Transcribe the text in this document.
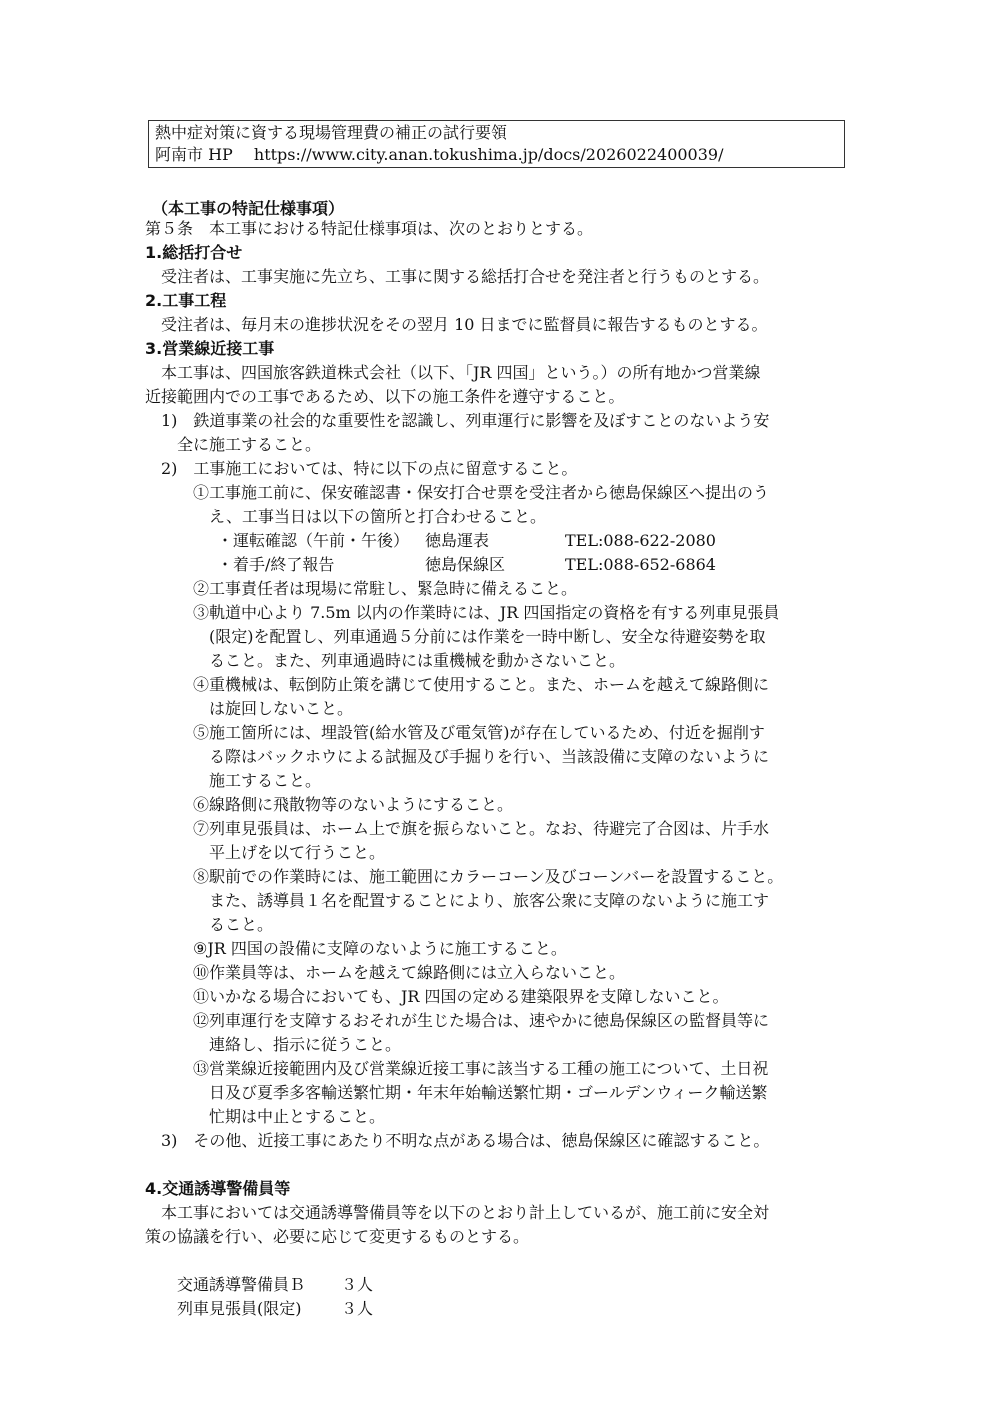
熱中症対策に資する現場管理費の補正の試行要領
阿南市 HP　 https://www.city.anan.tokushima.jp/docs/2026022400039/
（本工事の特記仕様事項）
第５条　本工事における特記仕様事項は、次のとおりとする。
1.総括打合せ
受注者は、工事実施に先立ち、工事に関する総括打合せを発注者と行うものとする。
2.工事工程
受注者は、毎月末の進捗状況をその翌月 10 日までに監督員に報告するものとする。
3.営業線近接工事
本工事は、四国旅客鉄道株式会社（以下、「JR 四国」という。）の所有地かつ営業線
近接範囲内での工事であるため、以下の施工条件を遵守すること。
1)　鉄道事業の社会的な重要性を認識し、列車運行に影響を及ぼすことのないよう安
全に施工すること。
2)　工事施工においては、特に以下の点に留意すること。
①工事施工前に、保安確認書・保安打合せ票を受注者から徳島保線区へ提出のう
え、工事当日は以下の箇所と打合わせること。
・運転確認（午前・午後） 徳島運表	TEL:088-622-2080
・着手/終了報告	徳島保線区	TEL:088-652-6864
②工事責任者は現場に常駐し、緊急時に備えること。
③軌道中心より 7.5m 以内の作業時には、JR 四国指定の資格を有する列車見張員
(限定)を配置し、列車通過５分前には作業を一時中断し、安全な待避姿勢を取
ること。また、列車通過時には重機械を動かさないこと。
④重機械は、転倒防止策を講じて使用すること。また、ホームを越えて線路側に
は旋回しないこと。
⑤施工箇所には、埋設管(給水管及び電気管)が存在しているため、付近を掘削す
る際はバックホウによる試掘及び手掘りを行い、当該設備に支障のないように
施工すること。
⑥線路側に飛散物等のないようにすること。
⑦列車見張員は、ホーム上で旗を振らないこと。なお、待避完了合図は、片手水
平上げを以て行うこと。
⑧駅前での作業時には、施工範囲にカラーコーン及びコーンバーを設置すること。
また、誘導員１名を配置することにより、旅客公衆に支障のないように施工す
ること。
⑨JR 四国の設備に支障のないように施工すること。
⑩作業員等は、ホームを越えて線路側には立入らないこと。
⑪いかなる場合においても、JR 四国の定める建築限界を支障しないこと。
⑫列車運行を支障するおそれが生じた場合は、速やかに徳島保線区の監督員等に
連絡し、指示に従うこと。
⑬営業線近接範囲内及び営業線近接工事に該当する工種の施工について、土日祝
日及び夏季多客輸送繁忙期・年末年始輸送繁忙期・ゴールデンウィーク輸送繁
忙期は中止とすること。
3)　その他、近接工事にあたり不明な点がある場合は、徳島保線区に確認すること。
4.交通誘導警備員等
本工事においては交通誘導警備員等を以下のとおり計上しているが、施工前に安全対
策の協議を行い、必要に応じて変更するものとする。
交通誘導警備員Ｂ ３人
列車見張員(限定) ３人
